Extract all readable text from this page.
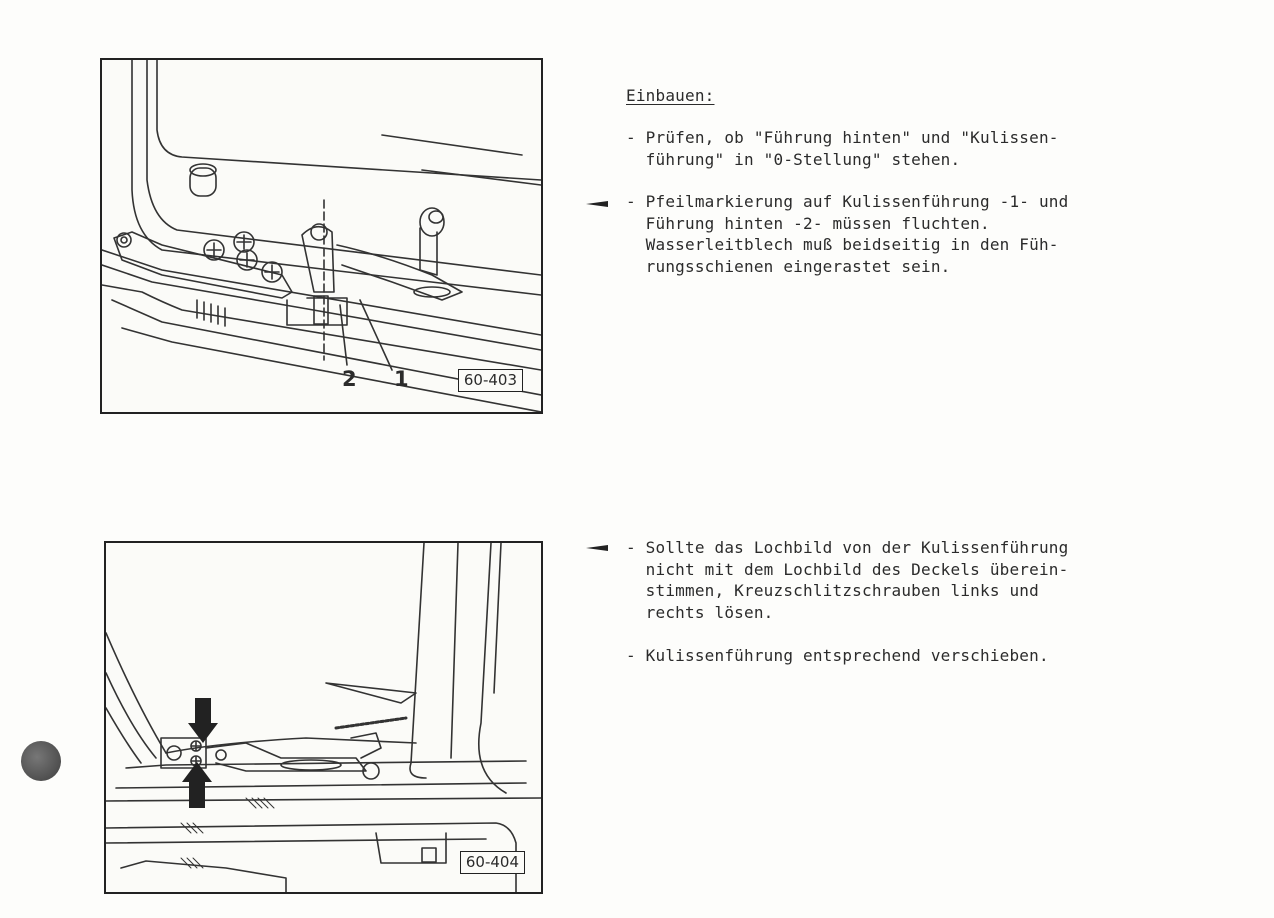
2 1	60-403
60-404
Einbauen:
- Prüfen, ob "Führung hinten" und "Kulissen-
führung" in "0-Stellung" stehen.
- Pfeilmarkierung auf Kulissenführung -1- und
Führung hinten -2- müssen fluchten.
Wasserleitblech muß beidseitig in den Füh-
rungsschienen eingerastet sein.
- Sollte das Lochbild von der Kulissenführung
nicht mit dem Lochbild des Deckels überein-
stimmen, Kreuzschlitzschrauben links und
rechts lösen.
- Kulissenführung entsprechend verschieben.
